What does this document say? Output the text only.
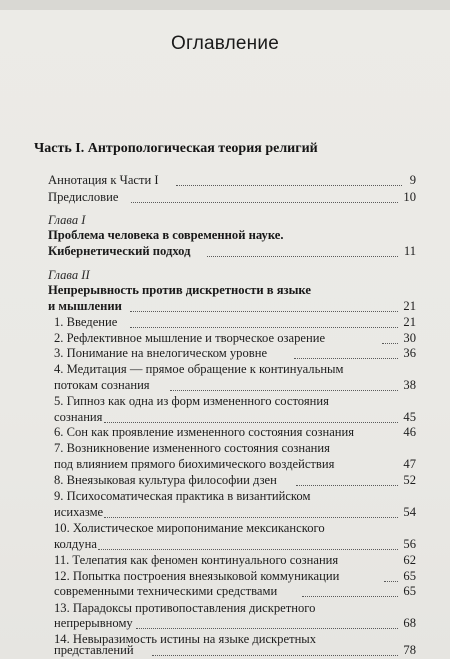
Оглавление
Часть I. Антропологическая теория религий
Аннотация к Части I	9
Предисловие	10
Глава I
Проблема человека в современной науке.
Кибернетический подход	11
Глава II
Непрерывность против дискретности в языке
и мышлении	21
1. Введение	21
2. Рефлективное мышление и творческое озарение	30
3. Понимание на внелогическом уровне	36
4. Медитация — прямое обращение к континуальным
потокам сознания	38
5. Гипноз как одна из форм измененного состояния
сознания	45
6. Сон как проявление измененного состояния сознания	46
7. Возникновение измененного состояния сознания
под влиянием прямого биохимического воздействия	47
8. Внеязыковая культура философии дзен	52
9. Психосоматическая практика в византийском
исихазме	54
10. Холистическое миропонимание мексиканского
колдуна	56
11. Телепатия как феномен континуального сознания	62
12. Попытка построения внеязыковой коммуникации	65
современными техническими средствами	65
13. Парадоксы противопоставления дискретного
непрерывному	68
14. Невыразимость истины на языке дискретных
представлений	78
